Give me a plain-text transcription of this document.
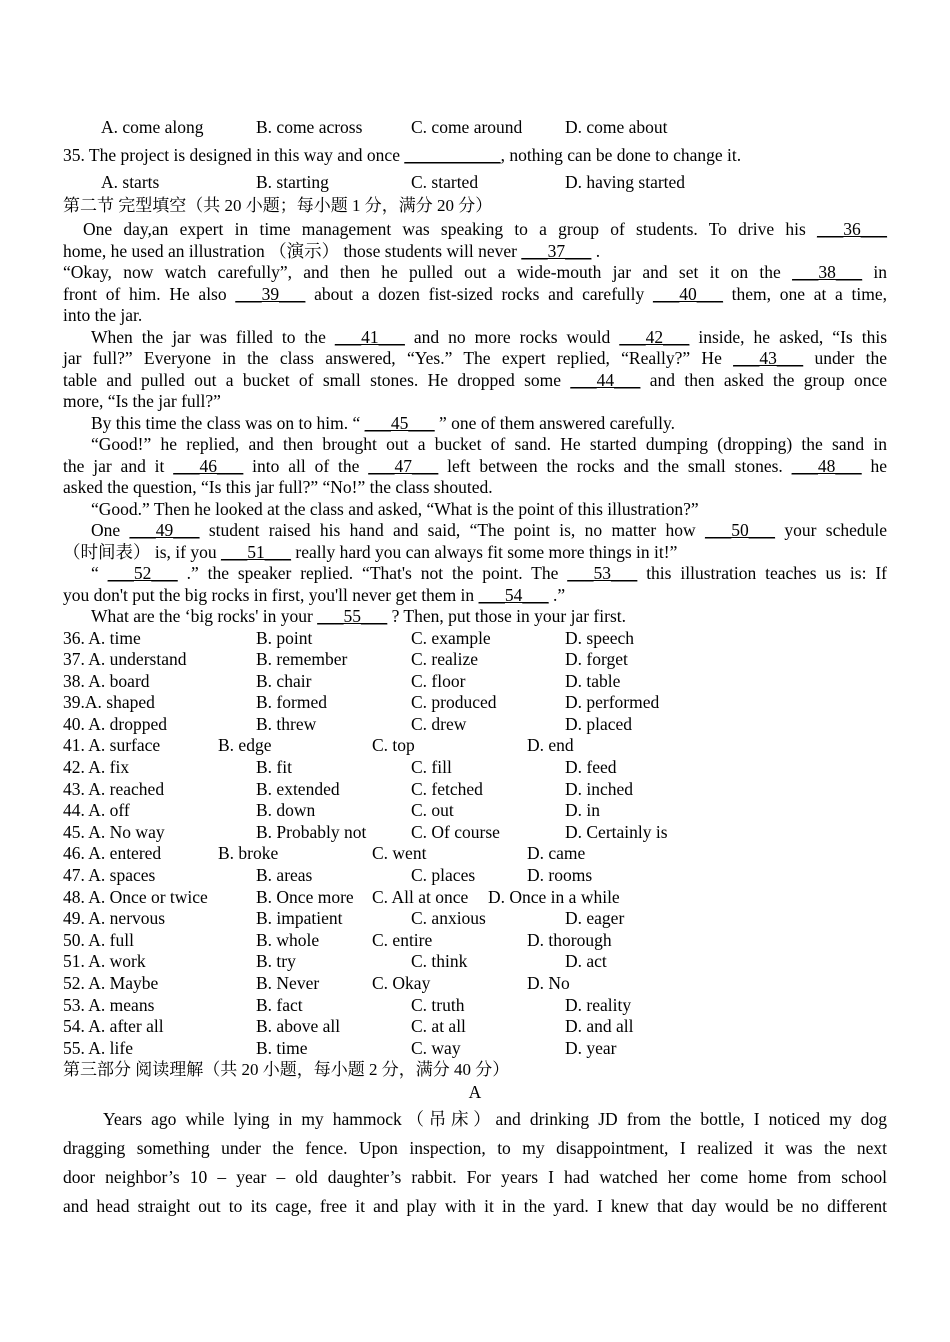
A. come along	B. come across	C. come around D. come about
35. The project is designed in this way and once ___________, nothing can be done to change it.
A. starts	B. starting	C. started	D. having started
第二节 完型填空（共 20 小题；每小题 1 分，满分 20 分）
One day,an expert in time management was speaking to a group of students. To drive his ___36___
home, he used an illustration （演示） those students will never ___37___ .
“Okay, now watch carefully”, and then he pulled out a wide-mouth jar and set it on the ___38___ in
front of him. He also ___39___ about a dozen fist-sized rocks and carefully ___40___ them, one at a time,
into the jar.
When the jar was filled to the ___41___ and no more rocks would ___42___ inside, he asked, “Is this
jar full?” Everyone in the class answered, “Yes.” The expert replied, “Really?” He ___43___ under the
table and pulled out a bucket of small stones. He dropped some ___44___ and then asked the group once
more, “Is the jar full?”
By this time the class was on to him. “ ___45___ ” one of them answered carefully.
“Good!” he replied, and then brought out a bucket of sand. He started dumping (dropping) the sand in
the jar and it ___46___ into all of the ___47___ left between the rocks and the small stones. ___48___ he
asked the question, “Is this jar full?” “No!” the class shouted.
“Good.” Then he looked at the class and asked, “What is the point of this illustration?”
One ___49___ student raised his hand and said, “The point is, no matter how ___50___ your schedule
（时间表） is, if you ___51___ really hard you can always fit some more things in it!”
“ ___52___ .” the speaker replied. “That's not the point. The ___53___ this illustration teaches us is: If
you don't put the big rocks in first, you'll never get them in ___54___ .”
What are the ‘big rocks' in your ___55___ ? Then, put those in your jar first.
36. A. time	B. point	C. example	D. speech
37. A. understand	B. remember	C. realize	D. forget
38. A. board	B. chair	C. floor	D. table
39.A. shaped	B. formed	C. produced	D. performed
40. A. dropped	B. threw	C. drew	D. placed
41. A. surface	B. edge	C. top	D. end
42. A. fix	B. fit	C. fill	D. feed
43. A. reached	B. extended	C. fetched	D. inched
44. A. off	B. down	C. out	D. in
45. A. No way	B. Probably not	C. Of course	D. Certainly is
46. A. entered	B. broke	C. went	D. came
47. A. spaces	B. areas	C. places	D. rooms
48. A. Once or twice	B. Once more C. All at once D. Once in a while
49. A. nervous	B. impatient	C. anxious	D. eager
50. A. full	B. whole	C. entire	D. thorough
51. A. work	B. try	C. think	D. act
52. A. Maybe	B. Never	C. Okay	D. No
53. A. means	B. fact	C. truth	D. reality
54. A. after all	B. above all	C. at all	D. and all
55. A. life	B. time	C. way	D. year
第三部分 阅读理解（共 20 小题，每小题 2 分，满分 40 分）
A
Years ago while lying in my hammock（吊床）and drinking JD from the bottle, I noticed my dog
dragging something under the fence. Upon inspection, to my disappointment, I realized it was the next
door neighbor’s 10 – year – old daughter’s rabbit. For years I had watched her come home from school
and head straight out to its cage, free it and play with it in the yard. I knew that day would be no different
